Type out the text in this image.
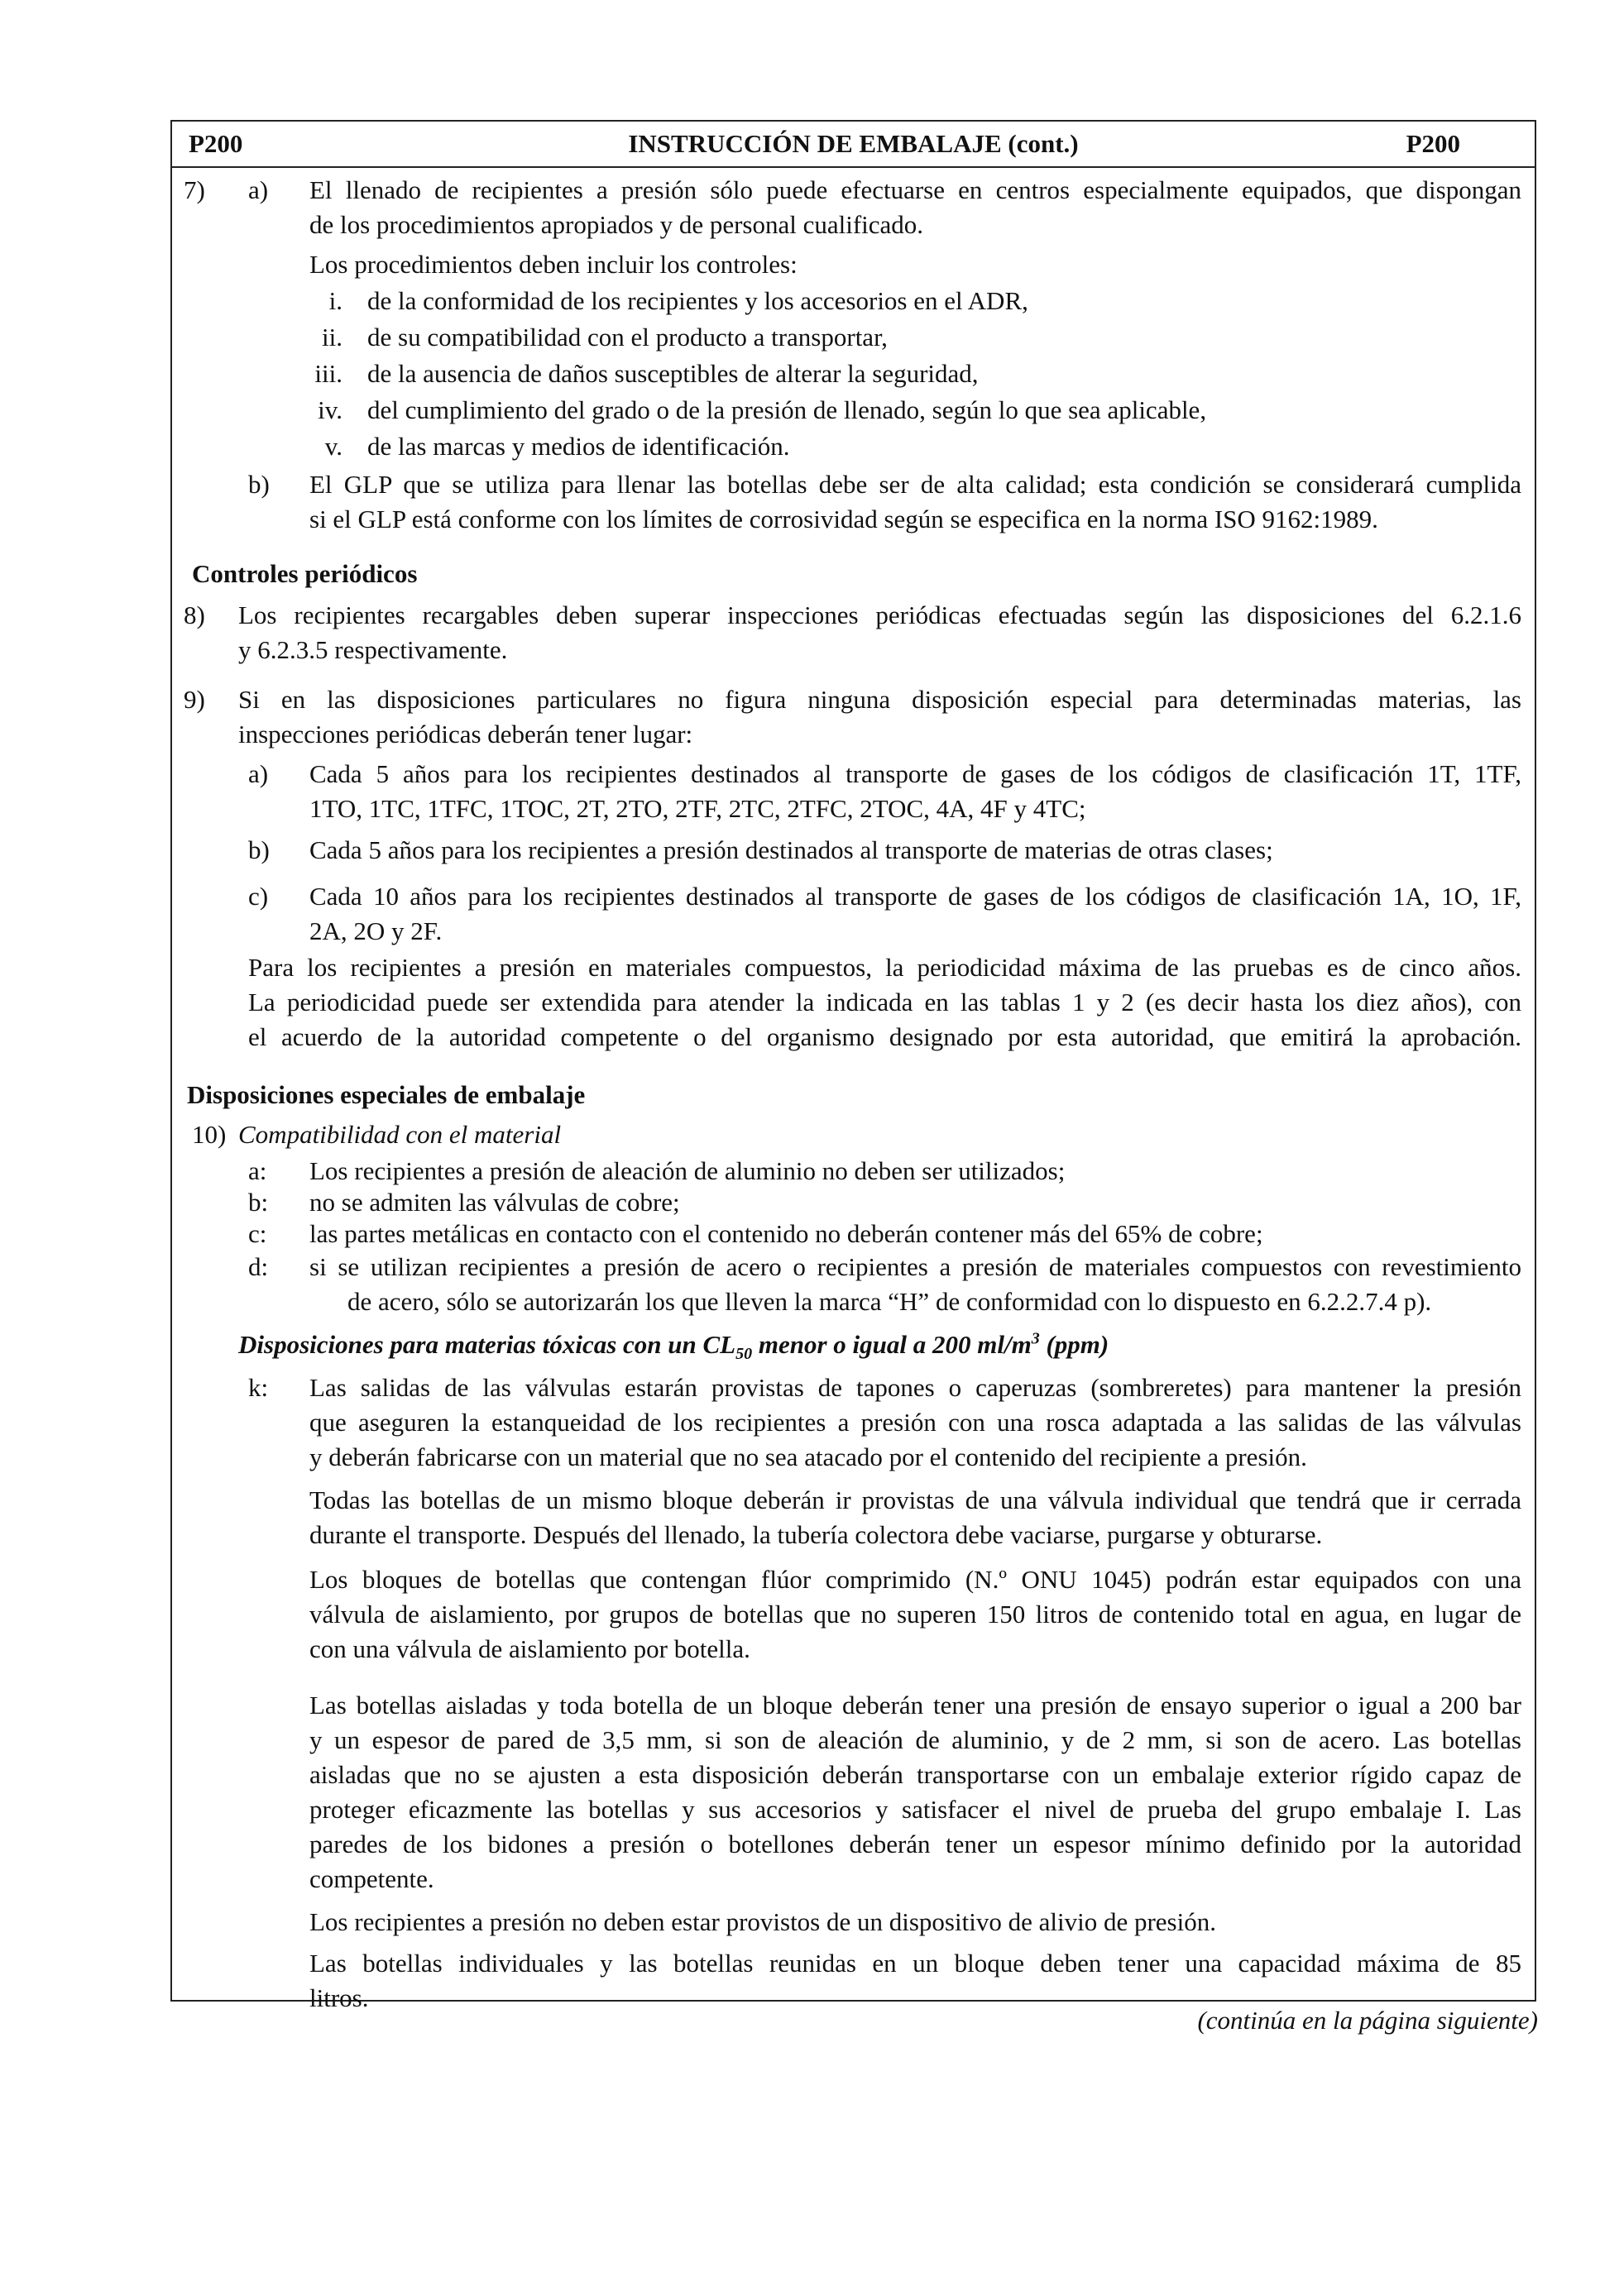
P200	INSTRUCCIÓN DE EMBALAJE (cont.)	P200
7) a) El llenado de recipientes a presión sólo puede efectuarse en centros especialmente equipados, que dispongan
de los procedimientos apropiados y de personal cualificado.
Los procedimientos deben incluir los controles:
i. de la conformidad de los recipientes y los accesorios en el ADR,
ii. de su compatibilidad con el producto a transportar,
iii. de la ausencia de daños susceptibles de alterar la seguridad,
iv. del cumplimiento del grado o de la presión de llenado, según lo que sea aplicable,
v. de las marcas y medios de identificación.
b) El GLP que se utiliza para llenar las botellas debe ser de alta calidad; esta condición se considerará cumplida
si el GLP está conforme con los límites de corrosividad según se especifica en la norma ISO 9162:1989.
Controles periódicos
8) Los recipientes recargables deben superar inspecciones periódicas efectuadas según las disposiciones del 6.2.1.6
y 6.2.3.5 respectivamente.
9) Si en las disposiciones particulares no figura ninguna disposición especial para determinadas materias, las
inspecciones periódicas deberán tener lugar:
a) Cada 5 años para los recipientes destinados al transporte de gases de los códigos de clasificación 1T, 1TF,
1TO, 1TC, 1TFC, 1TOC, 2T, 2TO, 2TF, 2TC, 2TFC, 2TOC, 4A, 4F y 4TC;
b) Cada 5 años para los recipientes a presión destinados al transporte de materias de otras clases;
c) Cada 10 años para los recipientes destinados al transporte de gases de los códigos de clasificación 1A, 1O, 1F,
2A, 2O y 2F.
Para los recipientes a presión en materiales compuestos, la periodicidad máxima de las pruebas es de cinco años.
La periodicidad puede ser extendida para atender la indicada en las tablas 1 y 2 (es decir hasta los diez años), con
el acuerdo de la autoridad competente o del organismo designado por esta autoridad, que emitirá la aprobación.
Disposiciones especiales de embalaje
10) Compatibilidad con el material
a: Los recipientes a presión de aleación de aluminio no deben ser utilizados;
b: no se admiten las válvulas de cobre;
c: las partes metálicas en contacto con el contenido no deberán contener más del 65% de cobre;
d: si se utilizan recipientes a presión de acero o recipientes a presión de materiales compuestos con revestimiento
de acero, sólo se autorizarán los que lleven la marca “H” de conformidad con lo dispuesto en 6.2.2.7.4 p).
Disposiciones para materias tóxicas con un $CL_{50}$ menor o igual a 200 $ml/m^3$ (ppm)
k: Las salidas de las válvulas estarán provistas de tapones o caperuzas (sombreretes) para mantener la presión
que aseguren la estanqueidad de los recipientes a presión con una rosca adaptada a las salidas de las válvulas
y deberán fabricarse con un material que no sea atacado por el contenido del recipiente a presión.
Todas las botellas de un mismo bloque deberán ir provistas de una válvula individual que tendrá que ir cerrada
durante el transporte. Después del llenado, la tubería colectora debe vaciarse, purgarse y obturarse.
Los bloques de botellas que contengan flúor comprimido (N.º ONU 1045) podrán estar equipados con una
válvula de aislamiento, por grupos de botellas que no superen 150 litros de contenido total en agua, en lugar de
con una válvula de aislamiento por botella.
Las botellas aisladas y toda botella de un bloque deberán tener una presión de ensayo superior o igual a 200 bar
y un espesor de pared de 3,5 mm, si son de aleación de aluminio, y de 2 mm, si son de acero. Las botellas
aisladas que no se ajusten a esta disposición deberán transportarse con un embalaje exterior rígido capaz de
proteger eficazmente las botellas y sus accesorios y satisfacer el nivel de prueba del grupo embalaje I. Las
paredes de los bidones a presión o botellones deberán tener un espesor mínimo definido por la autoridad
competente.
Los recipientes a presión no deben estar provistos de un dispositivo de alivio de presión.
Las botellas individuales y las botellas reunidas en un bloque deben tener una capacidad máxima de 85
litros.
(continúa en la página siguiente)
